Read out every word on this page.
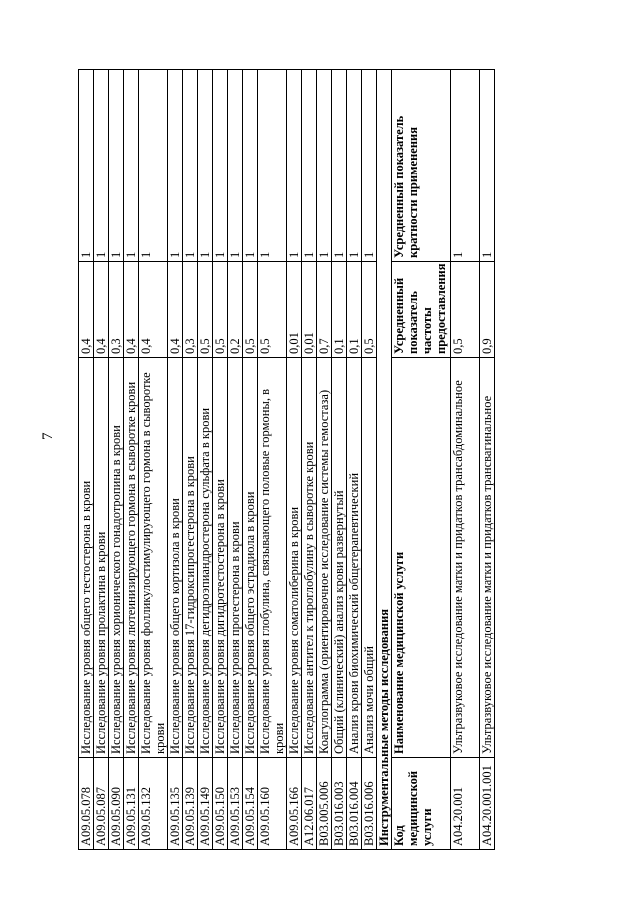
7
A09.05.078	Исследование уровня общего тестостерона в крови	0,4	1
A09.05.087	Исследование уровня пролактина в крови	0,4	1
A09.05.090	Исследование уровня хорионического гонадотропина в крови	0,3	1
A09.05.131	Исследование уровня лютеинизирующего гормона в сыворотке крови	0,4	1
A09.05.132	Исследование уровня фолликулостимулирующего гормона в сыворотке крови	0,4	1
A09.05.135	Исследование уровня общего кортизола в крови	0,4	1
A09.05.139	Исследование уровня 17-гидроксипрогестерона в крови	0,3	1
A09.05.149	Исследование уровня дегидроэпиандростерона сульфата в крови	0,5	1
A09.05.150	Исследование уровня дигидротестостерона в крови	0,5	1
A09.05.153	Исследование уровня прогестерона в крови	0,2	1
A09.05.154	Исследование уровня общего эстрадиола в крови	0,5	1
A09.05.160	Исследование уровня глобулина, связывающего половые гормоны, в крови	0,5	1
A09.05.166	Исследование уровня соматолиберина в крови	0,01	1
A12.06.017	Исследование антител к тироглобулину в сыворотке крови	0,01	1
B03.005.006	Коагулограмма (ориентировочное исследование системы гемостаза)	0,7	1
B03.016.003	Общий (клинический) анализ крови развернутый	0,1	1
B03.016.004	Анализ крови биохимический общетерапевтический	0,1	1
B03.016.006	Анализ мочи общий	0,5	1
Инструментальные методы исследования			
Код медицинской услуги	Наименование медицинской услуги	Усредненный показатель частоты предоставления	Усредненный показатель кратности применения
A04.20.001	Ультразвуковое исследование матки и придатков трансабдоминальное	0,5	1
A04.20.001.001	Ультразвуковое исследование матки и придатков трансвагинальное	0,9	1
